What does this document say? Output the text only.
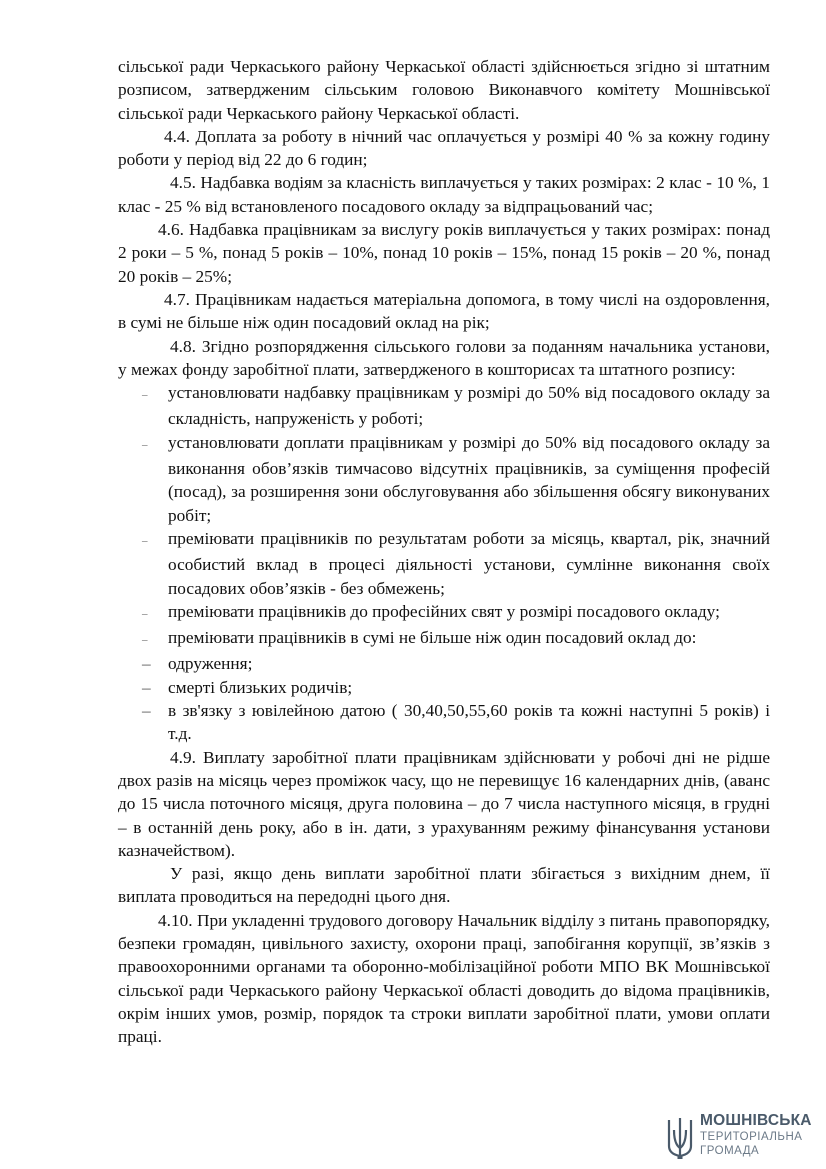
сільської ради Черкаського району Черкаської області здійснюється згідно зі штатним розписом, затвердженим сільським головою Виконавчого комітету Мошнівської сільської ради Черкаського району Черкаської області.

4.4. Доплата за роботу в нічний час оплачується у розмірі 40 % за кожну годину роботи у період від 22 до 6 годин;

4.5. Надбавка водіям за класність виплачується у таких розмірах: 2 клас - 10 %, 1 клас - 25 % від встановленого посадового окладу за відпрацьований час;

4.6. Надбавка працівникам за вислугу років виплачується у таких розмірах: понад 2 роки – 5 %, понад 5 років – 10%, понад 10 років – 15%, понад 15 років – 20 %, понад 20 років – 25%;

4.7. Працівникам надається матеріальна допомога, в тому числі на оздоровлення, в сумі не більше ніж один посадовий оклад на рік;

4.8. Згідно розпорядження сільського голови за поданням начальника установи, у межах фонду заробітної плати, затвердженого в кошторисах та штатного розпису:

– установлювати надбавку працівникам у розмірі до 50% від посадового окладу за складність, напруженість у роботі;

– установлювати доплати працівникам у розмірі до 50% від посадового окладу за виконання обов’язків тимчасово відсутніх працівників, за суміщення професій (посад), за розширення зони обслуговування або збільшення обсягу виконуваних робіт;

– преміювати працівників по результатам роботи за місяць, квартал, рік, значний особистий вклад в процесі діяльності установи, сумлінне виконання своїх посадових обов’язків - без обмежень;

– преміювати працівників до професійних свят у розмірі посадового окладу;

– преміювати працівників в сумі не більше ніж один посадовий оклад до:

– одруження;

– смерті близьких родичів;

– в зв'язку з ювілейною датою ( 30,40,50,55,60 років та кожні наступні 5 років) і т.д.

4.9. Виплату заробітної плати працівникам здійснювати у робочі дні не рідше двох разів на місяць через проміжок часу, що не перевищує 16 календарних днів, (аванс до 15 числа поточного місяця, друга половина – до 7 числа наступного місяця, в грудні – в останній день року, або в ін. дати, з урахуванням режиму фінансування установи казначейством).

У разі, якщо день виплати заробітної плати збігається з вихідним днем, її виплата проводиться на передодні цього дня.

4.10. При укладенні трудового договору Начальник відділу з питань правопорядку, безпеки громадян, цивільного захисту, охорони праці, запобігання корупції, зв’язків з правоохоронними органами та оборонно-мобілізаційної роботи МПО ВК Мошнівської сільської ради Черкаського району Черкаської області доводить до відома працівників, окрім інших умов, розмір, порядок та строки виплати заробітної плати, умови оплати праці.

МОШНІВСЬКА
ТЕРИТОРІАЛЬНА
ГРОМАДА
